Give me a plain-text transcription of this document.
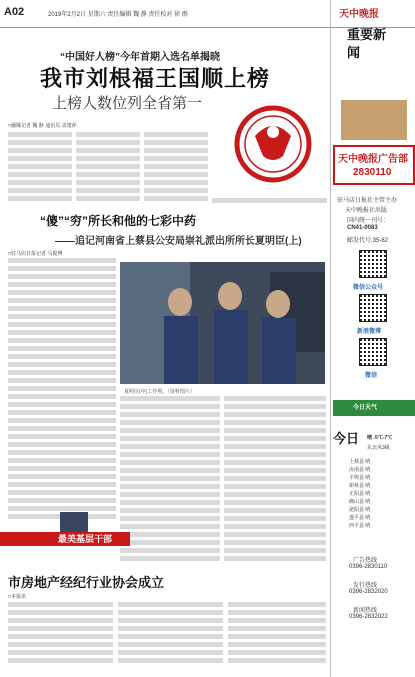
A02	2019年2月2日 星期六 责任编辑 魏 静 责任校对 徐 群
“中国好人榜”今年首期入选名单揭晓
我市刘根福王国顺上榜
上榜人数位列全省第一
□融媒记者 魏 静 通讯员 盖建萍
“傻”“穷”所长和他的七彩中药
——追记河南省上蔡县公安局崇礼派出所所长夏明臣(上)
□驻马店日报记者 马俊博
夏明臣(中)工作照。（资料图片）
最美基层干部
市房地产经纪行业协会成立
□本报讯
天中晚报
重要新闻
天中晚报广告部
2830110
驻马店日报社主管主办
天中晚报社出版
国内统一刊号：
CN41-0083
邮发代号:35-62
微信公众号
新浪微博
微信
今日天气
今日 晴 -5℃-7℃
东北风3级
上蔡县 晴
汝南县 晴
平舆县 晴
新蔡县 晴
正阳县 晴
确山县 晴
泌阳县 晴
遂平县 晴
西平县 晴
广告热线
0396-2830110
发行热线
0396-2832020
新闻热线
0396-2832022
